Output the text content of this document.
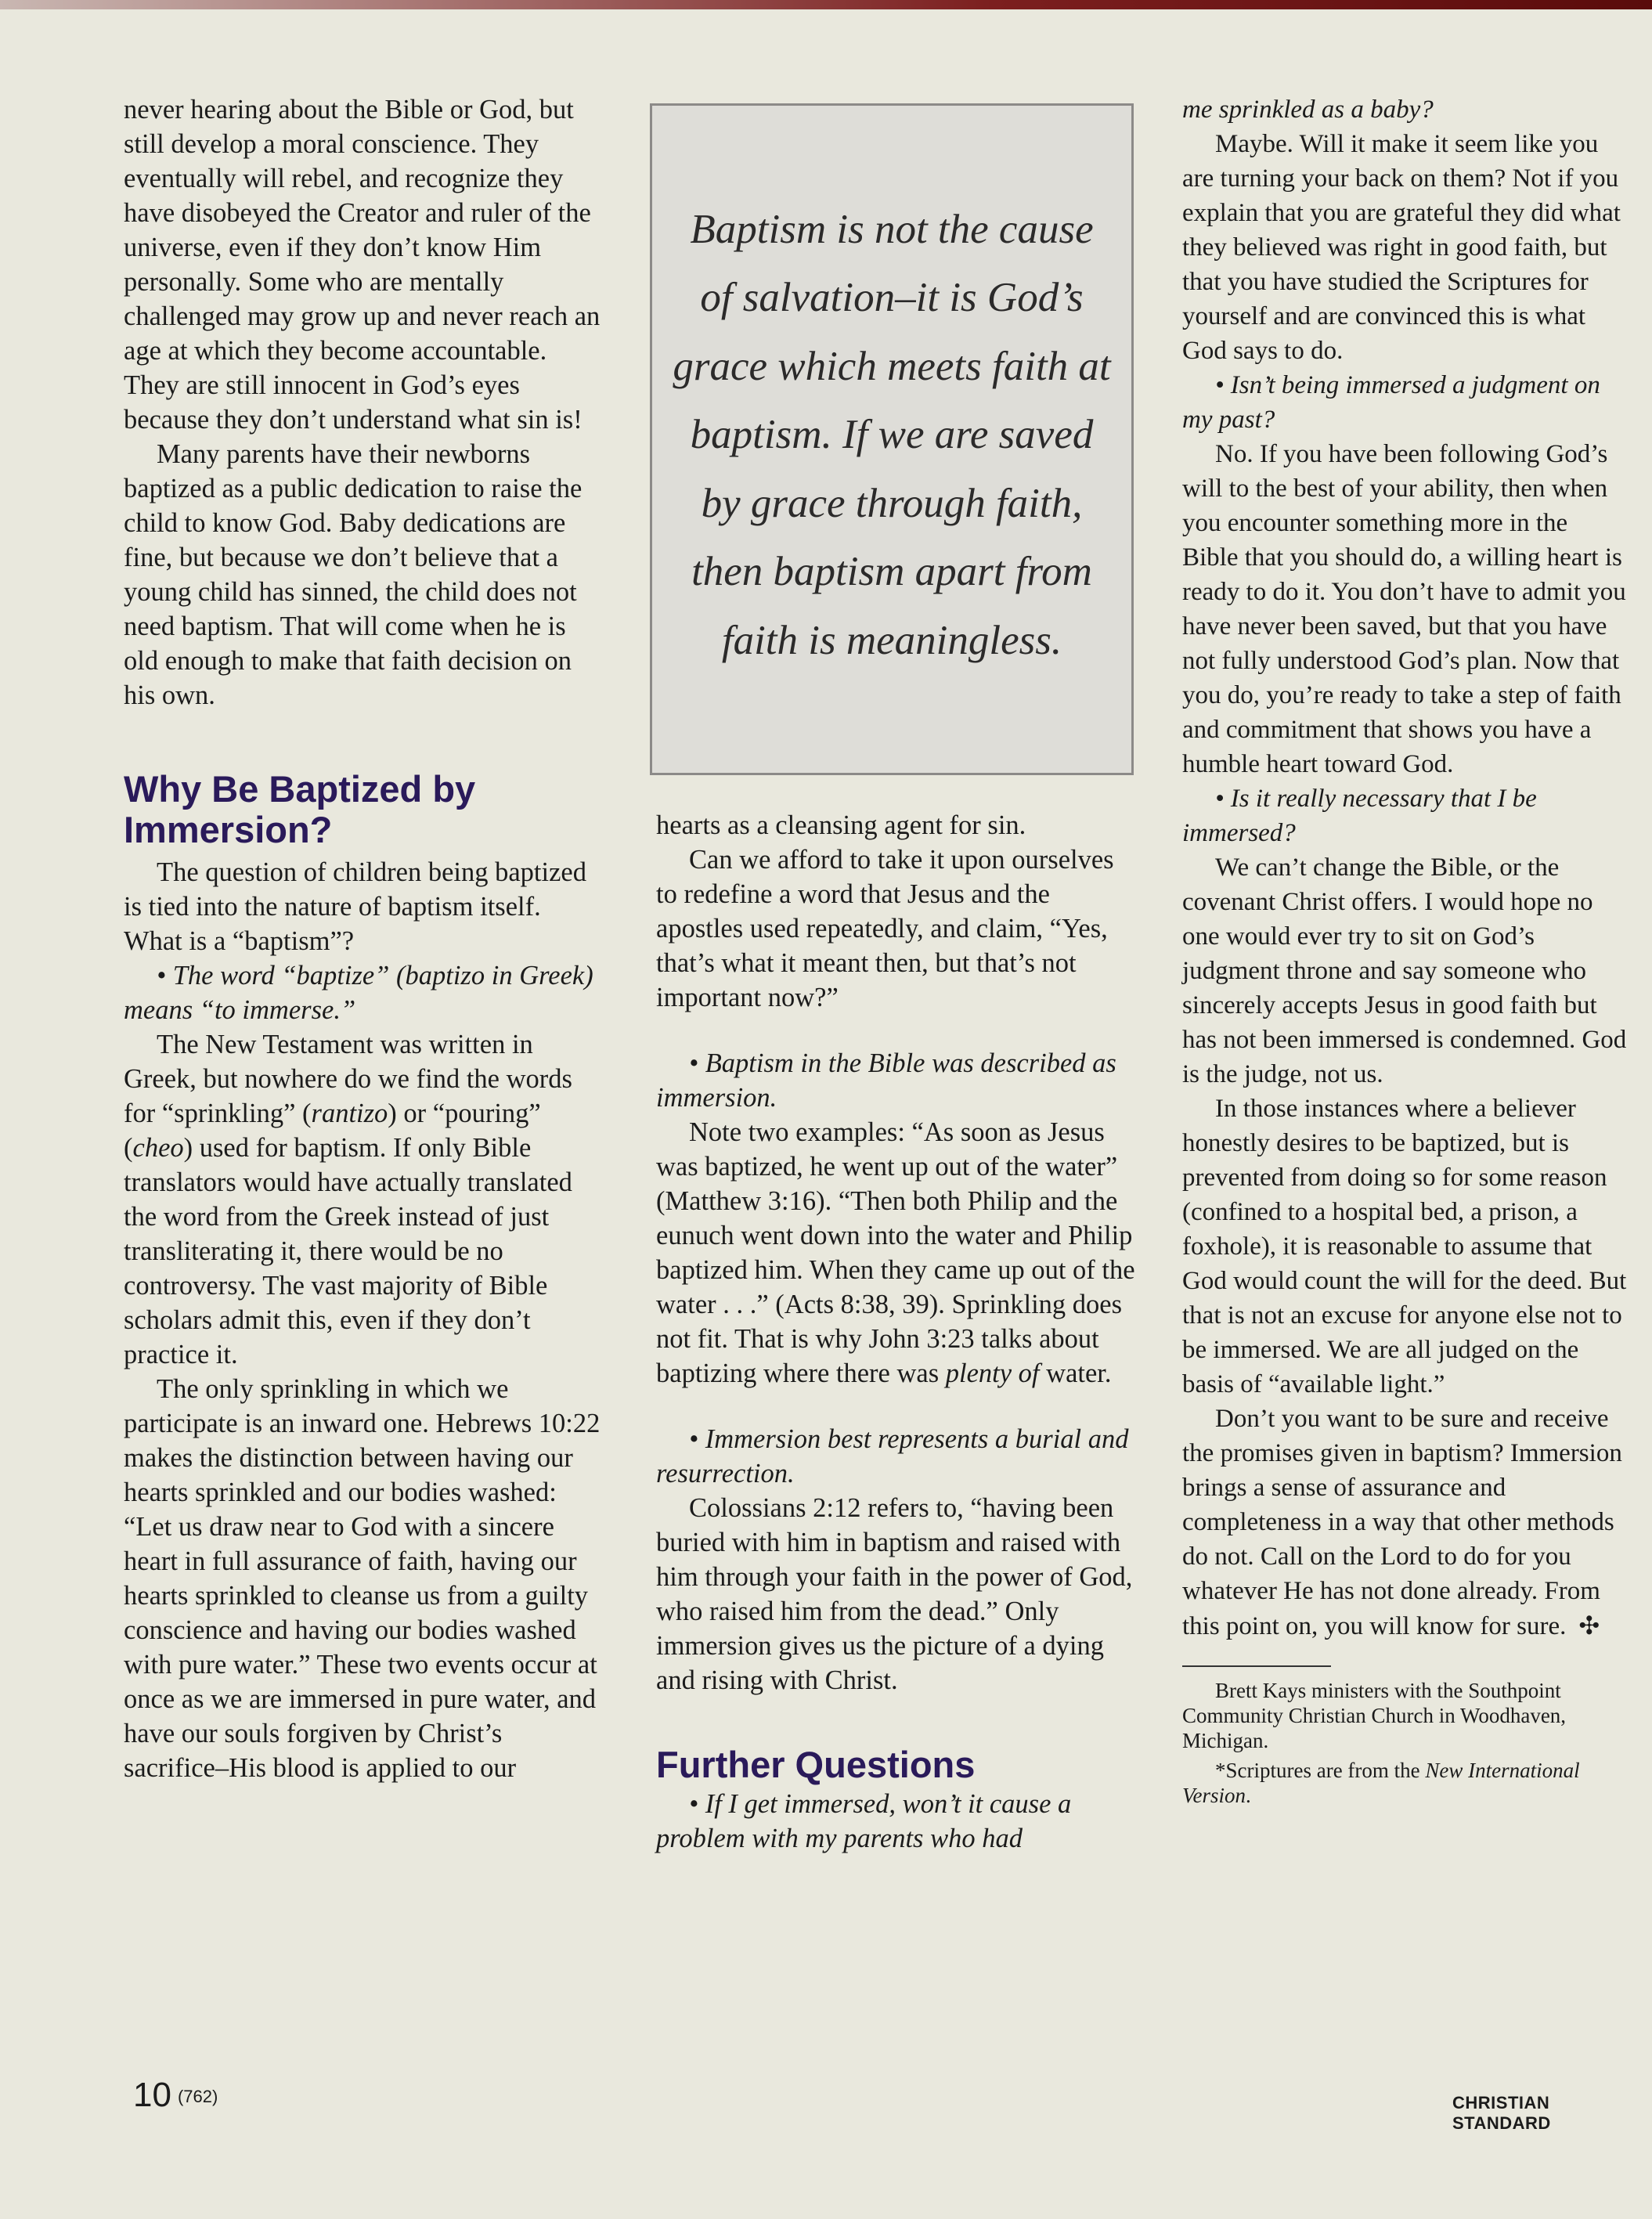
never hearing about the Bible or God, but still develop a moral conscience. They eventually will rebel, and recognize they have disobeyed the Creator and ruler of the universe, even if they don’t know Him personally. Some who are mentally challenged may grow up and never reach an age at which they become accountable. They are still innocent in God’s eyes because they don’t understand what sin is!

Many parents have their newborns baptized as a public dedication to raise the child to know God. Baby dedications are fine, but because we don’t believe that a young child has sinned, the child does not need baptism. That will come when he is old enough to make that faith decision on his own.

Why Be Baptized by Immersion?

The question of children being baptized is tied into the nature of baptism itself. What is a “baptism”?

• The word “baptize” (baptizo in Greek) means “to immerse.”

The New Testament was written in Greek, but nowhere do we find the words for “sprinkling” (rantizo) or “pouring” (cheo) used for baptism. If only Bible translators would have actually translated the word from the Greek instead of just transliterating it, there would be no controversy. The vast majority of Bible scholars admit this, even if they don’t practice it.

The only sprinkling in which we participate is an inward one. Hebrews 10:22 makes the distinction between having our hearts sprinkled and our bodies washed: “Let us draw near to God with a sincere heart in full assurance of faith, having our hearts sprinkled to cleanse us from a guilty conscience and having our bodies washed with pure water.” These two events occur at once as we are immersed in pure water, and have our souls forgiven by Christ’s sacrifice–His blood is applied to our

Baptism is not the cause of salvation–it is God’s grace which meets faith at baptism. If we are saved by grace through faith, then baptism apart from faith is meaningless.

hearts as a cleansing agent for sin.

Can we afford to take it upon ourselves to redefine a word that Jesus and the apostles used repeatedly, and claim, “Yes, that’s what it meant then, but that’s not important now?”

• Baptism in the Bible was described as immersion.

Note two examples: “As soon as Jesus was baptized, he went up out of the water” (Matthew 3:16). “Then both Philip and the eunuch went down into the water and Philip baptized him. When they came up out of the water . . .” (Acts 8:38, 39). Sprinkling does not fit. That is why John 3:23 talks about baptizing where there was plenty of water.

• Immersion best represents a burial and resurrection.

Colossians 2:12 refers to, “having been buried with him in baptism and raised with him through your faith in the power of God, who raised him from the dead.” Only immersion gives us the picture of a dying and rising with Christ.

Further Questions

• If I get immersed, won’t it cause a problem with my parents who had

me sprinkled as a baby?

Maybe. Will it make it seem like you are turning your back on them? Not if you explain that you are grateful they did what they believed was right in good faith, but that you have studied the Scriptures for yourself and are convinced this is what God says to do.

• Isn’t being immersed a judgment on my past?

No. If you have been following God’s will to the best of your ability, then when you encounter something more in the Bible that you should do, a willing heart is ready to do it. You don’t have to admit you have never been saved, but that you have not fully understood God’s plan. Now that you do, you’re ready to take a step of faith and commitment that shows you have a humble heart toward God.

• Is it really necessary that I be immersed?

We can’t change the Bible, or the covenant Christ offers. I would hope no one would ever try to sit on God’s judgment throne and say someone who sincerely accepts Jesus in good faith but has not been immersed is condemned. God is the judge, not us.

In those instances where a believer honestly desires to be baptized, but is prevented from doing so for some reason (confined to a hospital bed, a prison, a foxhole), it is reasonable to assume that God would count the will for the deed. But that is not an excuse for anyone else not to be immersed. We are all judged on the basis of “available light.”

Don’t you want to be sure and receive the promises given in baptism? Immersion brings a sense of assurance and completeness in a way that other methods do not. Call on the Lord to do for you whatever He has not done already. From this point on, you will know for sure. ✣

Brett Kays ministers with the Southpoint Community Christian Church in Woodhaven, Michigan.

*Scriptures are from the New International Version.

10 (762)	CHRISTIAN STANDARD
